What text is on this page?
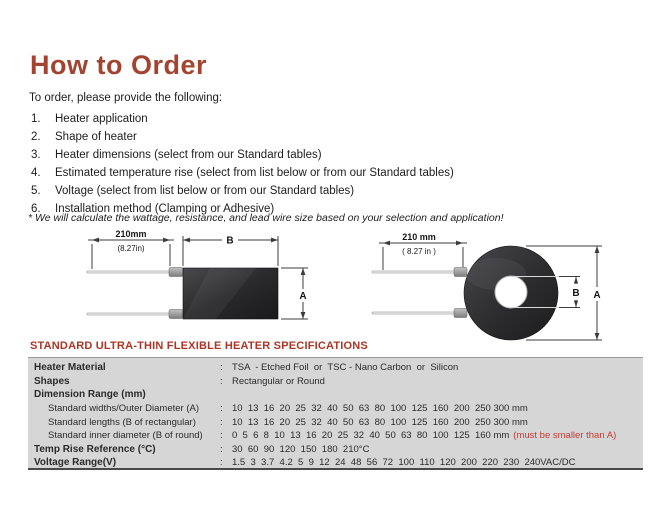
How to Order
To order, please provide the following:
1.	Heater application
2.	Shape of heater
3.	Heater dimensions (select from our Standard tables)
4.	Estimated temperature rise (select from list below or from our Standard tables)
5.	Voltage (select from list below or from our Standard tables)
6.	Installation method (Clamping or Adhesive)
* We will calculate the wattage, resistance, and lead wire size based on your selection and application!
210mm
(8.27in)
B
A
210 mm
( 8.27 in )
B A
STANDARD ULTRA-THIN FLEXIBLE HEATER SPECIFICATIONS
Heater Material	: TSA  - Etched Foil  or  TSC - Nano Carbon  or  Silicon
Shapes	: Rectangular or Round
Dimension Range (mm)
Standard widths/Outer Diameter (A)	: 10  13  16  20  25  32  40  50  63  80  100  125  160  200  250 300 mm
Standard lengths (B of rectangular)	: 10  13  16  20  25  32  40  50  63  80  100  125  160  200  250 300 mm
Standard inner diameter (B of round)	: 0  5  6  8  10  13  16  20  25  32  40  50  63  80  100  125  160 mm (must be smaller than A)
Temp Rise Reference (°C)	: 30  60  90  120  150  180  210°C
Voltage Range(V)	: 1.5  3  3.7  4.2  5  9  12  24  48  56  72  100  110  120  200  220  230  240VAC/DC
